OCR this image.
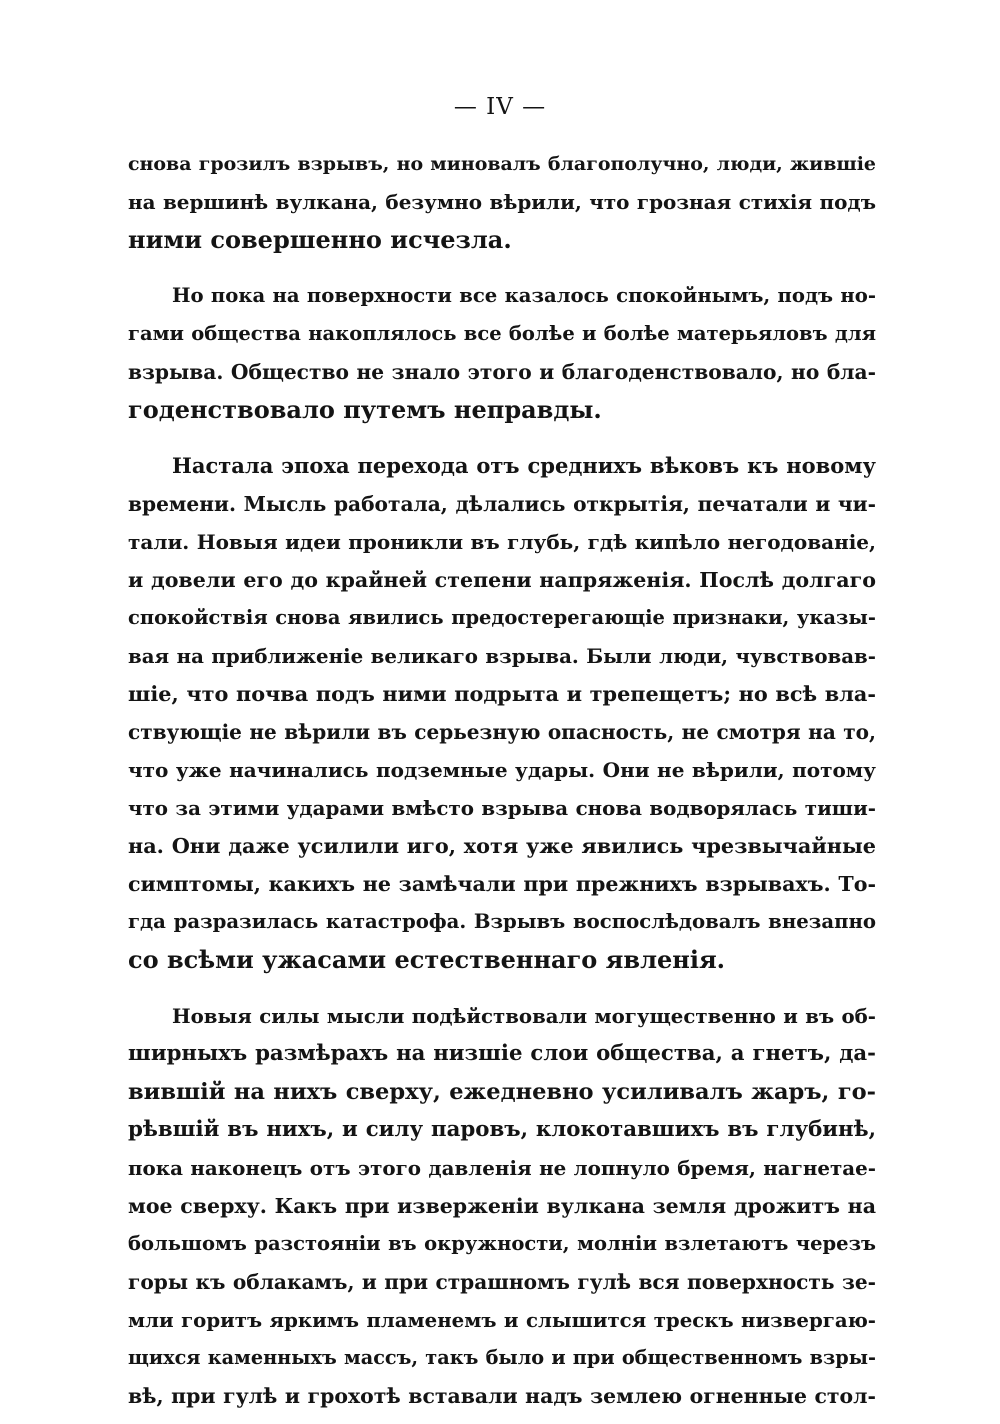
— IV —
снова грозилъ взрывъ, но миновалъ благополучно, люди, жившіе
на вершинѣ вулкана, безумно вѣрили, что грозная стихія подъ
ними совершенно исчезла.
Но пока на поверхности все казалось спокойнымъ, подъ но-
гами общества накоплялось все болѣе и болѣе матерьяловъ для
взрыва. Общество не знало этого и благоденствовало, но бла-
годенствовало путемъ неправды.
Настала эпоха перехода отъ среднихъ вѣковъ къ новому
времени. Мысль работала, дѣлались открытія, печатали и чи-
тали. Новыя идеи проникли въ глубь, гдѣ кипѣло негодованіе,
и довели его до крайней степени напряженія. Послѣ долгаго
спокойствія снова явились предостерегающіе признаки, указы-
вая на приближеніе великаго взрыва. Были люди, чувствовав-
шіе, что почва подъ ними подрыта и трепещетъ; но всѣ вла-
ствующіе не вѣрили въ серьезную опасность, не смотря на то,
что уже начинались подземные удары. Они не вѣрили, потому
что за этими ударами вмѣсто взрыва снова водворялась тиши-
на. Они даже усилили иго, хотя уже явились чрезвычайные
симптомы, какихъ не замѣчали при прежнихъ взрывахъ. То-
гда разразилась катастрофа. Взрывъ воспослѣдовалъ внезапно
со всѣми ужасами естественнаго явленія.
Новыя силы мысли подѣйствовали могущественно и въ об-
ширныхъ размѣрахъ на низшіе слои общества, а гнетъ, да-
вившій на нихъ сверху, ежедневно усиливалъ жаръ, го-
рѣвшій въ нихъ, и силу паровъ, клокотавшихъ въ глубинѣ,
пока наконецъ отъ этого давленія не лопнуло бремя, нагнетае-
мое сверху. Какъ при изверженіи вулкана земля дрожитъ на
большомъ разстояніи въ окружности, молніи взлетаютъ черезъ
горы къ облакамъ, и при страшномъ гулѣ вся поверхность зе-
мли горитъ яркимъ пламенемъ и слышится трескъ низвергаю-
щихся каменныхъ массъ, такъ было и при общественномъ взры-
вѣ, при гулѣ и грохотѣ вставали надъ землею огненные стол-
